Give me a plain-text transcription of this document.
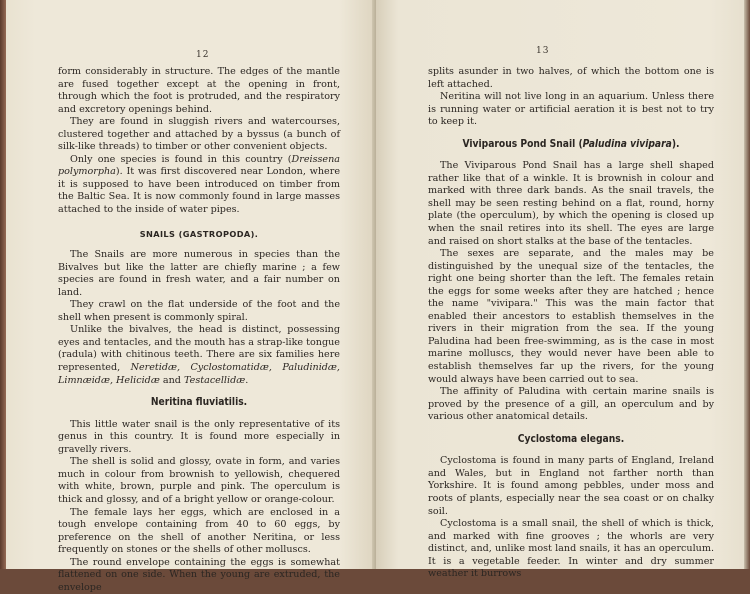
12

form considerably in structure. The edges of the mantle are fused together except at the opening in front, through which the foot is protruded, and the respiratory and excretory openings behind.

They are found in sluggish rivers and watercourses, clustered together and attached by a byssus (a bunch of silk-like threads) to timber or other convenient objects.

Only one species is found in this country (Dreissena polymorpha). It was first discovered near London, where it is supposed to have been introduced on timber from the Baltic Sea. It is now commonly found in large masses attached to the inside of water pipes.

SNAILS (GASTROPODA).

The Snails are more numerous in species than the Bivalves but like the latter are chiefly marine ; a few species are found in fresh water, and a fair number on land.

They crawl on the flat underside of the foot and the shell when present is commonly spiral.

Unlike the bivalves, the head is distinct, possessing eyes and tentacles, and the mouth has a strap-like tongue (radula) with chitinous teeth. There are six families here represented, Neretidæ, Cyclostomatidæ, Paludinidæ, Limnæidæ, Helicidæ and Testacellidæ.

Neritina fluviatilis.

This little water snail is the only representative of its genus in this country. It is found more especially in gravelly rivers.

The shell is solid and glossy, ovate in form, and varies much in colour from brownish to yellowish, chequered with white, brown, purple and pink. The operculum is thick and glossy, and of a bright yellow or orange-colour.

The female lays her eggs, which are enclosed in a tough envelope containing from 40 to 60 eggs, by preference on the shell of another Neritina, or less frequently on stones or the shells of other molluscs.

The round envelope containing the eggs is somewhat flattened on one side. When the young are extruded, the envelope

13

splits asunder in two halves, of which the bottom one is left attached.

Neritina will not live long in an aquarium. Unless there is running water or artificial aeration it is best not to try to keep it.

Viviparous Pond Snail (Paludina vivipara).

The Viviparous Pond Snail has a large shell shaped rather like that of a winkle. It is brownish in colour and marked with three dark bands. As the snail travels, the shell may be seen resting behind on a flat, round, horny plate (the operculum), by which the opening is closed up when the snail retires into its shell. The eyes are large and raised on short stalks at the base of the tentacles.

The sexes are separate, and the males may be distinguished by the unequal size of the tentacles, the right one being shorter than the left. The females retain the eggs for some weeks after they are hatched ; hence the name "vivipara." This was the main factor that enabled their ancestors to establish themselves in the rivers in their migration from the sea. If the young Paludina had been free-swimming, as is the case in most marine molluscs, they would never have been able to establish themselves far up the rivers, for the young would always have been carried out to sea.

The affinity of Paludina with certain marine snails is proved by the presence of a gill, an operculum and by various other anatomical details.

Cyclostoma elegans.

Cyclostoma is found in many parts of England, Ireland and Wales, but in England not farther north than Yorkshire. It is found among pebbles, under moss and roots of plants, especially near the sea coast or on chalky soil.

Cyclostoma is a small snail, the shell of which is thick, and marked with fine grooves ; the whorls are very distinct, and, unlike most land snails, it has an operculum. It is a vegetable feeder. In winter and dry summer weather it burrows
